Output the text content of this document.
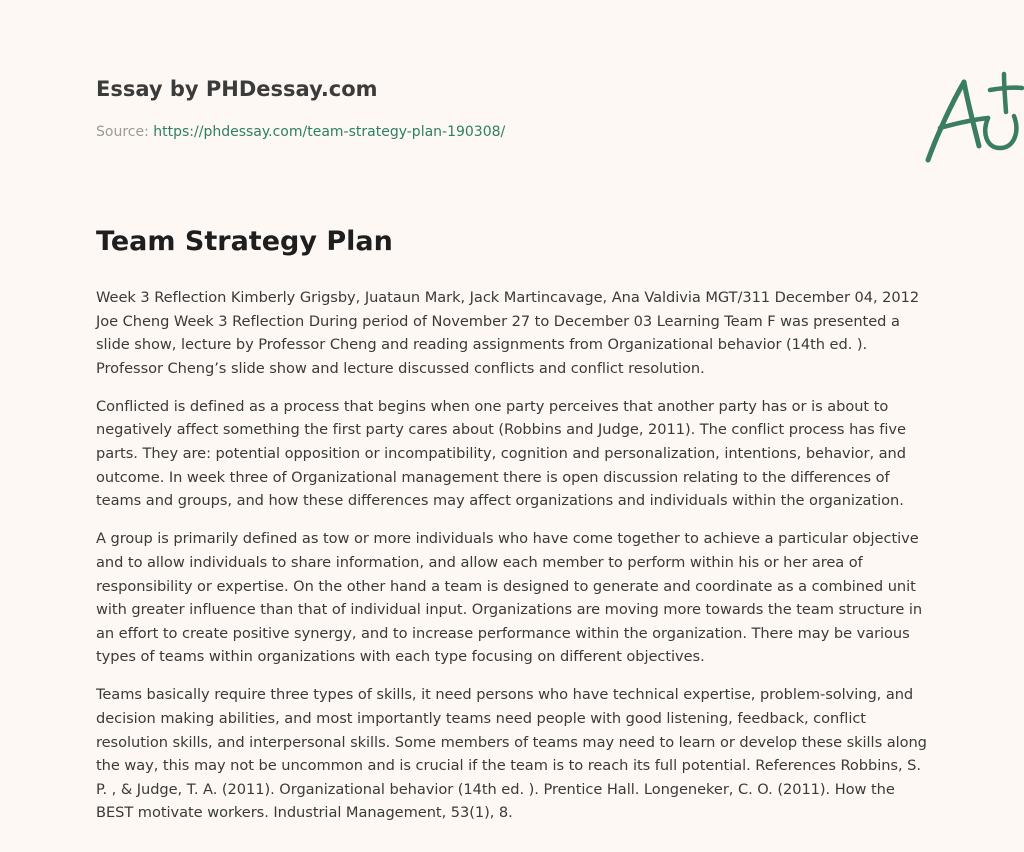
Essay by PHDessay.com
Source: https://phdessay.com/team-strategy-plan-190308/
Team Strategy Plan

Week 3 Reflection Kimberly Grigsby, Juataun Mark, Jack Martincavage, Ana Valdivia MGT/311 December 04, 2012 Joe Cheng Week 3 Reflection During period of November 27 to December 03 Learning Team F was presented a slide show, lecture by Professor Cheng and reading assignments from Organizational behavior (14th ed. ). Professor Cheng’s slide show and lecture discussed conflicts and conflict resolution.

Conflicted is defined as a process that begins when one party perceives that another party has or is about to negatively affect something the first party cares about (Robbins and Judge, 2011). The conflict process has five parts. They are: potential opposition or incompatibility, cognition and personalization, intentions, behavior, and outcome. In week three of Organizational management there is open discussion relating to the differences of teams and groups, and how these differences may affect organizations and individuals within the organization.

A group is primarily defined as tow or more individuals who have come together to achieve a particular objective and to allow individuals to share information, and allow each member to perform within his or her area of responsibility or expertise. On the other hand a team is designed to generate and coordinate as a combined unit with greater influence than that of individual input. Organizations are moving more towards the team structure in an effort to create positive synergy, and to increase performance within the organization. There may be various types of teams within organizations with each type focusing on different objectives.

Teams basically require three types of skills, it need persons who have technical expertise, problem-solving, and decision making abilities, and most importantly teams need people with good listening, feedback, conflict resolution skills, and interpersonal skills. Some members of teams may need to learn or develop these skills along the way, this may not be uncommon and is crucial if the team is to reach its full potential. References Robbins, S. P. , & Judge, T. A. (2011). Organizational behavior (14th ed. ). Prentice Hall. Longeneker, C. O. (2011). How the BEST motivate workers. Industrial Management, 53(1), 8.
